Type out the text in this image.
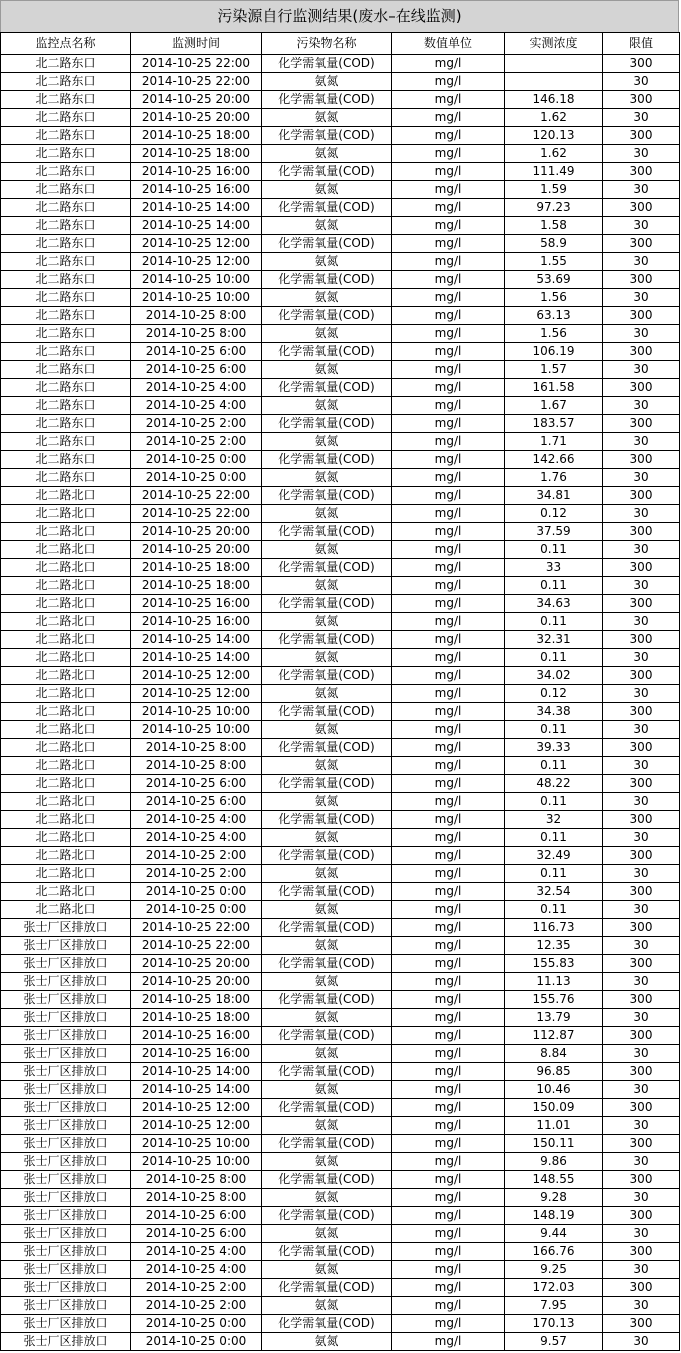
污染源自行监测结果(废水–在线监测)
监控点名称	监测时间	污染物名称	数值单位	实测浓度	限值
北二路东口	2014-10-25 22:00	化学需氧量(COD)	mg/l		300
北二路东口	2014-10-25 22:00	氨氮	mg/l		30
北二路东口	2014-10-25 20:00	化学需氧量(COD)	mg/l	146.18	300
北二路东口	2014-10-25 20:00	氨氮	mg/l	1.62	30
北二路东口	2014-10-25 18:00	化学需氧量(COD)	mg/l	120.13	300
北二路东口	2014-10-25 18:00	氨氮	mg/l	1.62	30
北二路东口	2014-10-25 16:00	化学需氧量(COD)	mg/l	111.49	300
北二路东口	2014-10-25 16:00	氨氮	mg/l	1.59	30
北二路东口	2014-10-25 14:00	化学需氧量(COD)	mg/l	97.23	300
北二路东口	2014-10-25 14:00	氨氮	mg/l	1.58	30
北二路东口	2014-10-25 12:00	化学需氧量(COD)	mg/l	58.9	300
北二路东口	2014-10-25 12:00	氨氮	mg/l	1.55	30
北二路东口	2014-10-25 10:00	化学需氧量(COD)	mg/l	53.69	300
北二路东口	2014-10-25 10:00	氨氮	mg/l	1.56	30
北二路东口	2014-10-25 8:00	化学需氧量(COD)	mg/l	63.13	300
北二路东口	2014-10-25 8:00	氨氮	mg/l	1.56	30
北二路东口	2014-10-25 6:00	化学需氧量(COD)	mg/l	106.19	300
北二路东口	2014-10-25 6:00	氨氮	mg/l	1.57	30
北二路东口	2014-10-25 4:00	化学需氧量(COD)	mg/l	161.58	300
北二路东口	2014-10-25 4:00	氨氮	mg/l	1.67	30
北二路东口	2014-10-25 2:00	化学需氧量(COD)	mg/l	183.57	300
北二路东口	2014-10-25 2:00	氨氮	mg/l	1.71	30
北二路东口	2014-10-25 0:00	化学需氧量(COD)	mg/l	142.66	300
北二路东口	2014-10-25 0:00	氨氮	mg/l	1.76	30
北二路北口	2014-10-25 22:00	化学需氧量(COD)	mg/l	34.81	300
北二路北口	2014-10-25 22:00	氨氮	mg/l	0.12	30
北二路北口	2014-10-25 20:00	化学需氧量(COD)	mg/l	37.59	300
北二路北口	2014-10-25 20:00	氨氮	mg/l	0.11	30
北二路北口	2014-10-25 18:00	化学需氧量(COD)	mg/l	33	300
北二路北口	2014-10-25 18:00	氨氮	mg/l	0.11	30
北二路北口	2014-10-25 16:00	化学需氧量(COD)	mg/l	34.63	300
北二路北口	2014-10-25 16:00	氨氮	mg/l	0.11	30
北二路北口	2014-10-25 14:00	化学需氧量(COD)	mg/l	32.31	300
北二路北口	2014-10-25 14:00	氨氮	mg/l	0.11	30
北二路北口	2014-10-25 12:00	化学需氧量(COD)	mg/l	34.02	300
北二路北口	2014-10-25 12:00	氨氮	mg/l	0.12	30
北二路北口	2014-10-25 10:00	化学需氧量(COD)	mg/l	34.38	300
北二路北口	2014-10-25 10:00	氨氮	mg/l	0.11	30
北二路北口	2014-10-25 8:00	化学需氧量(COD)	mg/l	39.33	300
北二路北口	2014-10-25 8:00	氨氮	mg/l	0.11	30
北二路北口	2014-10-25 6:00	化学需氧量(COD)	mg/l	48.22	300
北二路北口	2014-10-25 6:00	氨氮	mg/l	0.11	30
北二路北口	2014-10-25 4:00	化学需氧量(COD)	mg/l	32	300
北二路北口	2014-10-25 4:00	氨氮	mg/l	0.11	30
北二路北口	2014-10-25 2:00	化学需氧量(COD)	mg/l	32.49	300
北二路北口	2014-10-25 2:00	氨氮	mg/l	0.11	30
北二路北口	2014-10-25 0:00	化学需氧量(COD)	mg/l	32.54	300
北二路北口	2014-10-25 0:00	氨氮	mg/l	0.11	30
张士厂区排放口	2014-10-25 22:00	化学需氧量(COD)	mg/l	116.73	300
张士厂区排放口	2014-10-25 22:00	氨氮	mg/l	12.35	30
张士厂区排放口	2014-10-25 20:00	化学需氧量(COD)	mg/l	155.83	300
张士厂区排放口	2014-10-25 20:00	氨氮	mg/l	11.13	30
张士厂区排放口	2014-10-25 18:00	化学需氧量(COD)	mg/l	155.76	300
张士厂区排放口	2014-10-25 18:00	氨氮	mg/l	13.79	30
张士厂区排放口	2014-10-25 16:00	化学需氧量(COD)	mg/l	112.87	300
张士厂区排放口	2014-10-25 16:00	氨氮	mg/l	8.84	30
张士厂区排放口	2014-10-25 14:00	化学需氧量(COD)	mg/l	96.85	300
张士厂区排放口	2014-10-25 14:00	氨氮	mg/l	10.46	30
张士厂区排放口	2014-10-25 12:00	化学需氧量(COD)	mg/l	150.09	300
张士厂区排放口	2014-10-25 12:00	氨氮	mg/l	11.01	30
张士厂区排放口	2014-10-25 10:00	化学需氧量(COD)	mg/l	150.11	300
张士厂区排放口	2014-10-25 10:00	氨氮	mg/l	9.86	30
张士厂区排放口	2014-10-25 8:00	化学需氧量(COD)	mg/l	148.55	300
张士厂区排放口	2014-10-25 8:00	氨氮	mg/l	9.28	30
张士厂区排放口	2014-10-25 6:00	化学需氧量(COD)	mg/l	148.19	300
张士厂区排放口	2014-10-25 6:00	氨氮	mg/l	9.44	30
张士厂区排放口	2014-10-25 4:00	化学需氧量(COD)	mg/l	166.76	300
张士厂区排放口	2014-10-25 4:00	氨氮	mg/l	9.25	30
张士厂区排放口	2014-10-25 2:00	化学需氧量(COD)	mg/l	172.03	300
张士厂区排放口	2014-10-25 2:00	氨氮	mg/l	7.95	30
张士厂区排放口	2014-10-25 0:00	化学需氧量(COD)	mg/l	170.13	300
张士厂区排放口	2014-10-25 0:00	氨氮	mg/l	9.57	30
